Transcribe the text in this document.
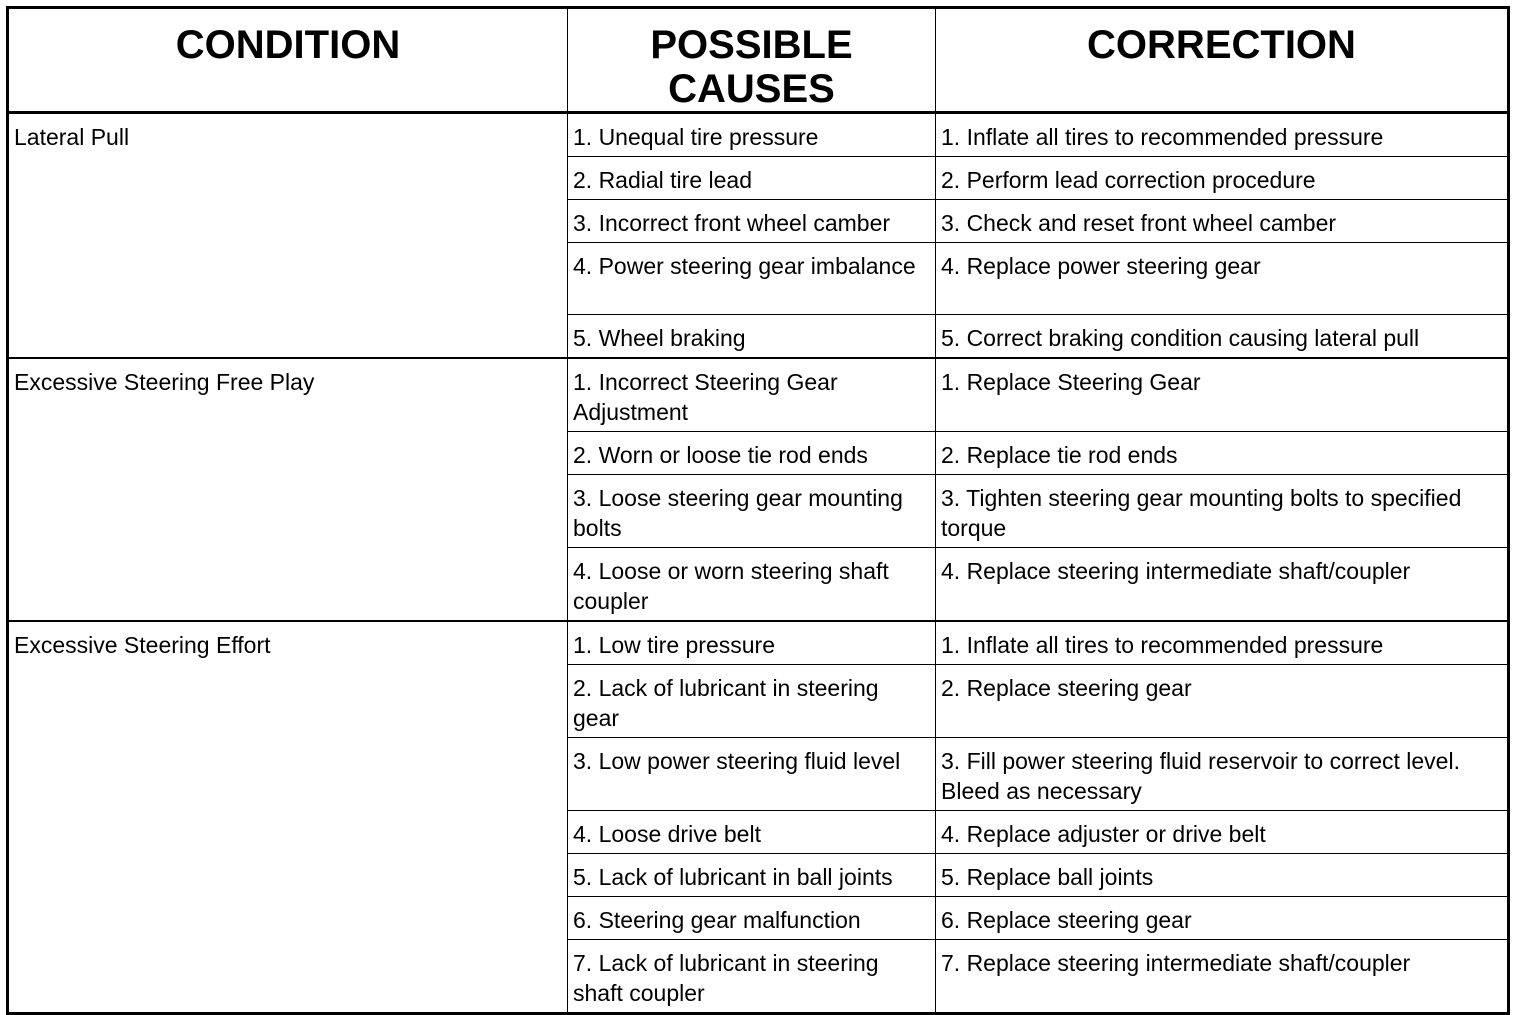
CONDITION	POSSIBLE CAUSES	CORRECTION
Lateral Pull	1. Unequal tire pressure	1. Inflate all tires to recommended pressure
	2. Radial tire lead	2. Perform lead correction procedure
	3. Incorrect front wheel camber	3. Check and reset front wheel camber
	4. Power steering gear imbalance	4. Replace power steering gear
	5. Wheel braking	5. Correct braking condition causing lateral pull
Excessive Steering Free Play	1. Incorrect Steering Gear Adjustment	1. Replace Steering Gear
	2. Worn or loose tie rod ends	2. Replace tie rod ends
	3. Loose steering gear mounting bolts	3. Tighten steering gear mounting bolts to specified torque
	4. Loose or worn steering shaft coupler	4. Replace steering intermediate shaft/coupler
Excessive Steering Effort	1. Low tire pressure	1. Inflate all tires to recommended pressure
	2. Lack of lubricant in steering gear	2. Replace steering gear
	3. Low power steering fluid level	3. Fill power steering fluid reservoir to correct level. Bleed as necessary
	4. Loose drive belt	4. Replace adjuster or drive belt
	5. Lack of lubricant in ball joints	5. Replace ball joints
	6. Steering gear malfunction	6. Replace steering gear
	7. Lack of lubricant in steering shaft coupler	7. Replace steering intermediate shaft/coupler
